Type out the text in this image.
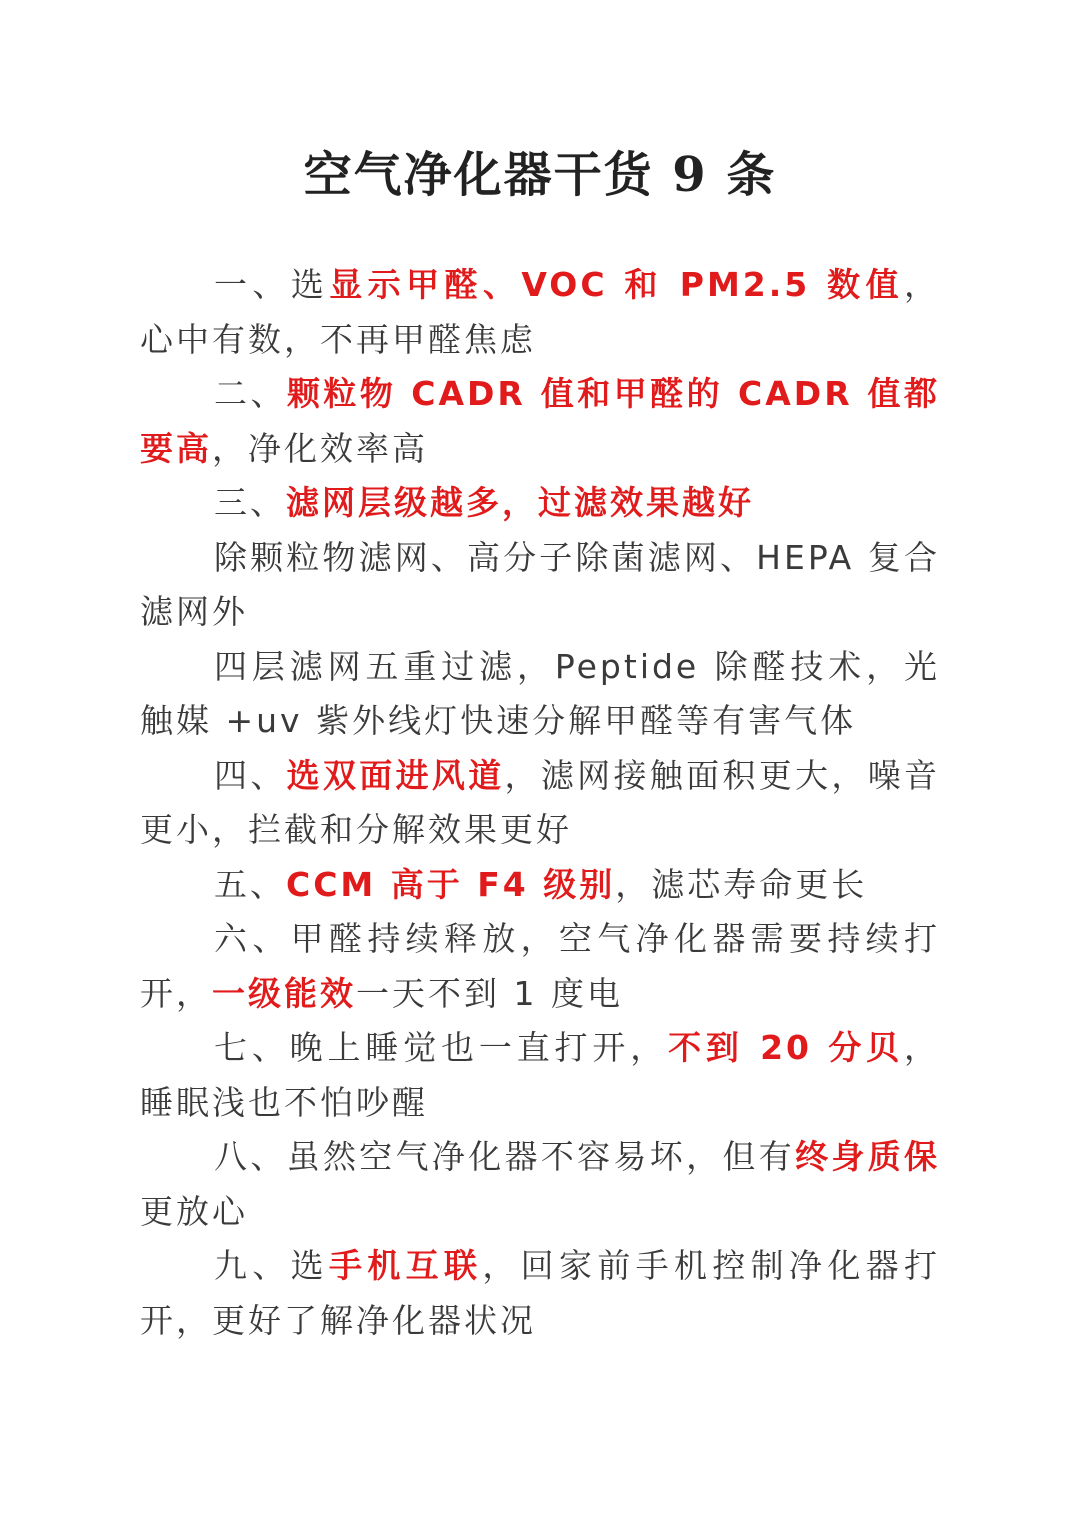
空气净化器干货 9 条

一、选显示甲醛、VOC 和 PM2.5 数值，心中有数，不再甲醛焦虑

二、颗粒物 CADR 值和甲醛的 CADR 值都要高，净化效率高

三、滤网层级越多，过滤效果越好

除颗粒物滤网、高分子除菌滤网、HEPA 复合滤网外

四层滤网五重过滤，Peptide 除醛技术，光触媒 +uv 紫外线灯快速分解甲醛等有害气体

四、选双面进风道，滤网接触面积更大，噪音更小，拦截和分解效果更好

五、CCM 高于 F4 级别，滤芯寿命更长

六、甲醛持续释放，空气净化器需要持续打开，一级能效一天不到 1 度电

七、晚上睡觉也一直打开，不到 20 分贝，睡眠浅也不怕吵醒

八、虽然空气净化器不容易坏，但有终身质保更放心

九、选手机互联，回家前手机控制净化器打开，更好了解净化器状况
